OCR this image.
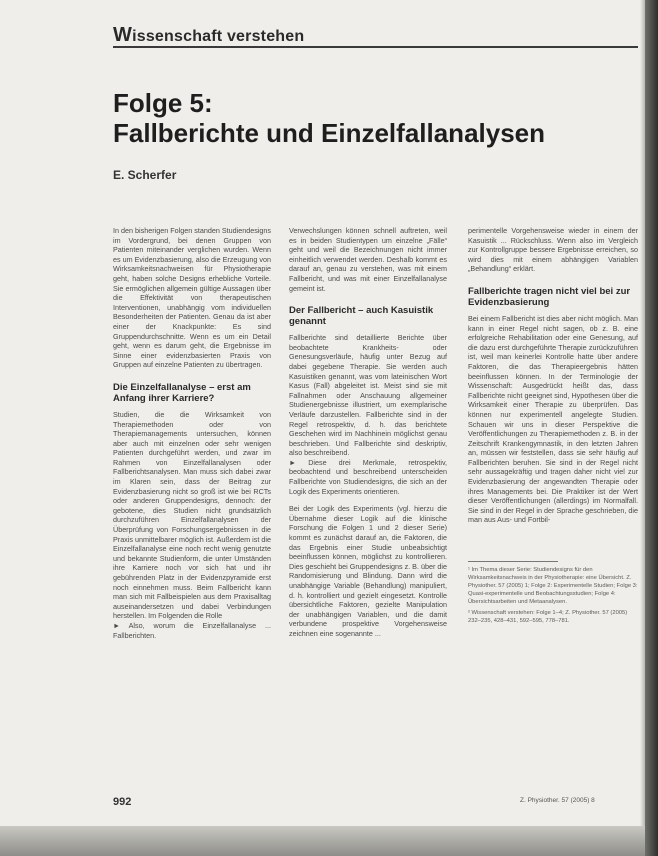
Wissenschaft verstehen
Folge 5:
Fallberichte und Einzelfallanalysen
E. Scherfer

In den bisherigen Folgen standen Studiendesigns im Vordergrund, bei denen Gruppen von Patienten miteinander verglichen wurden. Wenn es um Evidenzbasierung, also die Erzeugung von Wirksamkeitsnachweisen für Physiotherapie geht, haben solche Designs erhebliche Vorteile. Sie ermöglichen allgemein gültige Aussagen über die Effektivität von therapeutischen Interventionen, unabhängig vom individuellen Besonderheiten der Patienten. Genau da ist aber einer der Knackpunkte: Es sind Gruppendurchschnitte. Wenn es um ein Detail geht, wenn es darum geht, die Ergebnisse im Sinne einer evidenzbasierten Praxis von Gruppen auf einzelne Patienten zu übertragen.

Die Einzelfallanalyse – erst am Anfang ihrer Karriere?

Studien, die die Wirksamkeit von Therapiemethoden oder von Therapiemanagements untersuchen, können aber auch mit einzelnen oder sehr wenigen Patienten durchgeführt werden, und zwar im Rahmen von Einzelfallanalysen oder Fallberichtsanalysen. Man muss sich dabei zwar im Klaren sein, dass der Beitrag zur Evidenzbasierung nicht so groß ist wie bei RCTs oder anderen Gruppendesigns, dennoch: der gebotene, dies Studien nicht grundsätzlich durchzuführen Einzelfallanalysen der Überprüfung von Forschungsergebnissen in die Praxis unmittelbarer möglich ist. Außerdem ist die Einzelfallanalyse eine noch recht wenig genutzte und bekannte Studienform, die unter Umständen ihre Karriere noch vor sich hat und ihr gebührenden Platz in der Evidenzpyramide erst noch einnehmen muss. Beim Fallbericht kann man sich mit Fallbeispielen aus dem Praxisalltag auseinandersetzen und dabei Verbindungen herstellen. Im Folgenden die Rolle

► Also, worum die Einzelfallanalyse ... Fallberichten.

Verwechslungen können schnell auftreten, weil es in beiden Studientypen um einzelne „Fälle“ geht und weil die Bezeichnungen nicht immer einheitlich verwendet werden. Deshalb kommt es darauf an, genau zu verstehen, was mit einem Fallbericht, und was mit einer Einzelfallanalyse gemeint ist.

Der Fallbericht – auch Kasuistik genannt

Fallberichte sind detaillierte Berichte über beobachtete Krankheits- oder Genesungsverläufe, häufig unter Bezug auf dabei gegebene Therapie. Sie werden auch Kasuistiken genannt, was vom lateinischen Wort Kasus (Fall) abgeleitet ist. Meist sind sie mit Fallnahmen oder Anschauung allgemeiner Studienergebnisse illustriert, um exemplarische Verläufe darzustellen. Fallberichte sind in der Regel retrospektiv, d. h. das berichtete Geschehen wird im Nachhinein möglichst genau beschrieben. Und Fallberichte sind deskriptiv, also beschreibend.

► Diese drei Merkmale, retrospektiv, beobachtend und beschreibend unterscheiden Fallberichte von Studiendesigns, die sich an der Logik des Experiments orientieren.

Bei der Logik des Experiments (vgl. hierzu die Übernahme dieser Logik auf die klinische Forschung die Folgen 1 und 2 dieser Serie) kommt es zunächst darauf an, die Faktoren, die das Ergebnis einer Studie unbeabsichtigt beeinflussen können, möglichst zu kontrollieren. Dies geschieht bei Gruppendesigns z. B. über die Randomisierung und Blindung. Dann wird die unabhängige Variable (Behandlung) manipuliert, d. h. kontrolliert und gezielt eingesetzt. Kontrolle übersichtliche Faktoren, gezielte Manipulation der unabhängigen Variablen, und die damit verbundene prospektive Vorgehensweise zeichnen eine sogenannte ...

perimentelle Vorgehensweise wieder in einem der Kasuistik ... Rückschluss. Wenn also im Vergleich zur Kontrollgruppe bessere Ergebnisse erreichen, so wird dies mit einem abhängigen Variablen „Behandlung“ erklärt.

Fallberichte tragen nicht viel bei zur Evidenzbasierung

Bei einem Fallbericht ist dies aber nicht möglich. Man kann in einer Regel nicht sagen, ob z. B. eine erfolgreiche Rehabilitation oder eine Genesung, auf die dazu erst durchgeführte Therapie zurückzuführen ist, weil man keinerlei Kontrolle hatte über andere Faktoren, die das Therapieergebnis hätten beeinflussen können. In der Terminologie der Wissenschaft: Ausgedrückt heißt das, dass Fallberichte nicht geeignet sind, Hypothesen über die Wirksamkeit einer Therapie zu überprüfen. Das können nur experimentell angelegte Studien. Schauen wir uns in dieser Perspektive die Veröffentlichungen zu Therapiemethoden z. B. in der Zeitschrift Krankengymnastik, in den letzten Jahren an, müssen wir feststellen, dass sie sehr häufig auf Fallberichten beruhen. Sie sind in der Regel nicht sehr aussagekräftig und tragen daher nicht viel zur Evidenzbasierung der angewandten Therapie oder ihres Managements bei. Die Praktiker ist der Wert dieser Veröffentlichungen (allerdings) im Normalfall. Sie sind in der Regel in der Sprache geschrieben, die man aus Aus- und Fortbil-

¹ Im Thema dieser Serie: Studiendesigns für den Wirksamkeitsnachweis in der Physiotherapie: eine Übersicht. Z. Physiother. 57 (2005) 1; Folge 2: Experimentelle Studien; Folge 3: Quasi-experimentelle und Beobachtungsstudien; Folge 4: Übersichtsarbeiten und Metaanalysen.

² Wissenschaft verstehen: Folge 1–4; Z. Physiother. 57 (2005) 232–235, 428–431, 592–595, 778–781.

992	Z. Physiother. 57 (2005) 8
